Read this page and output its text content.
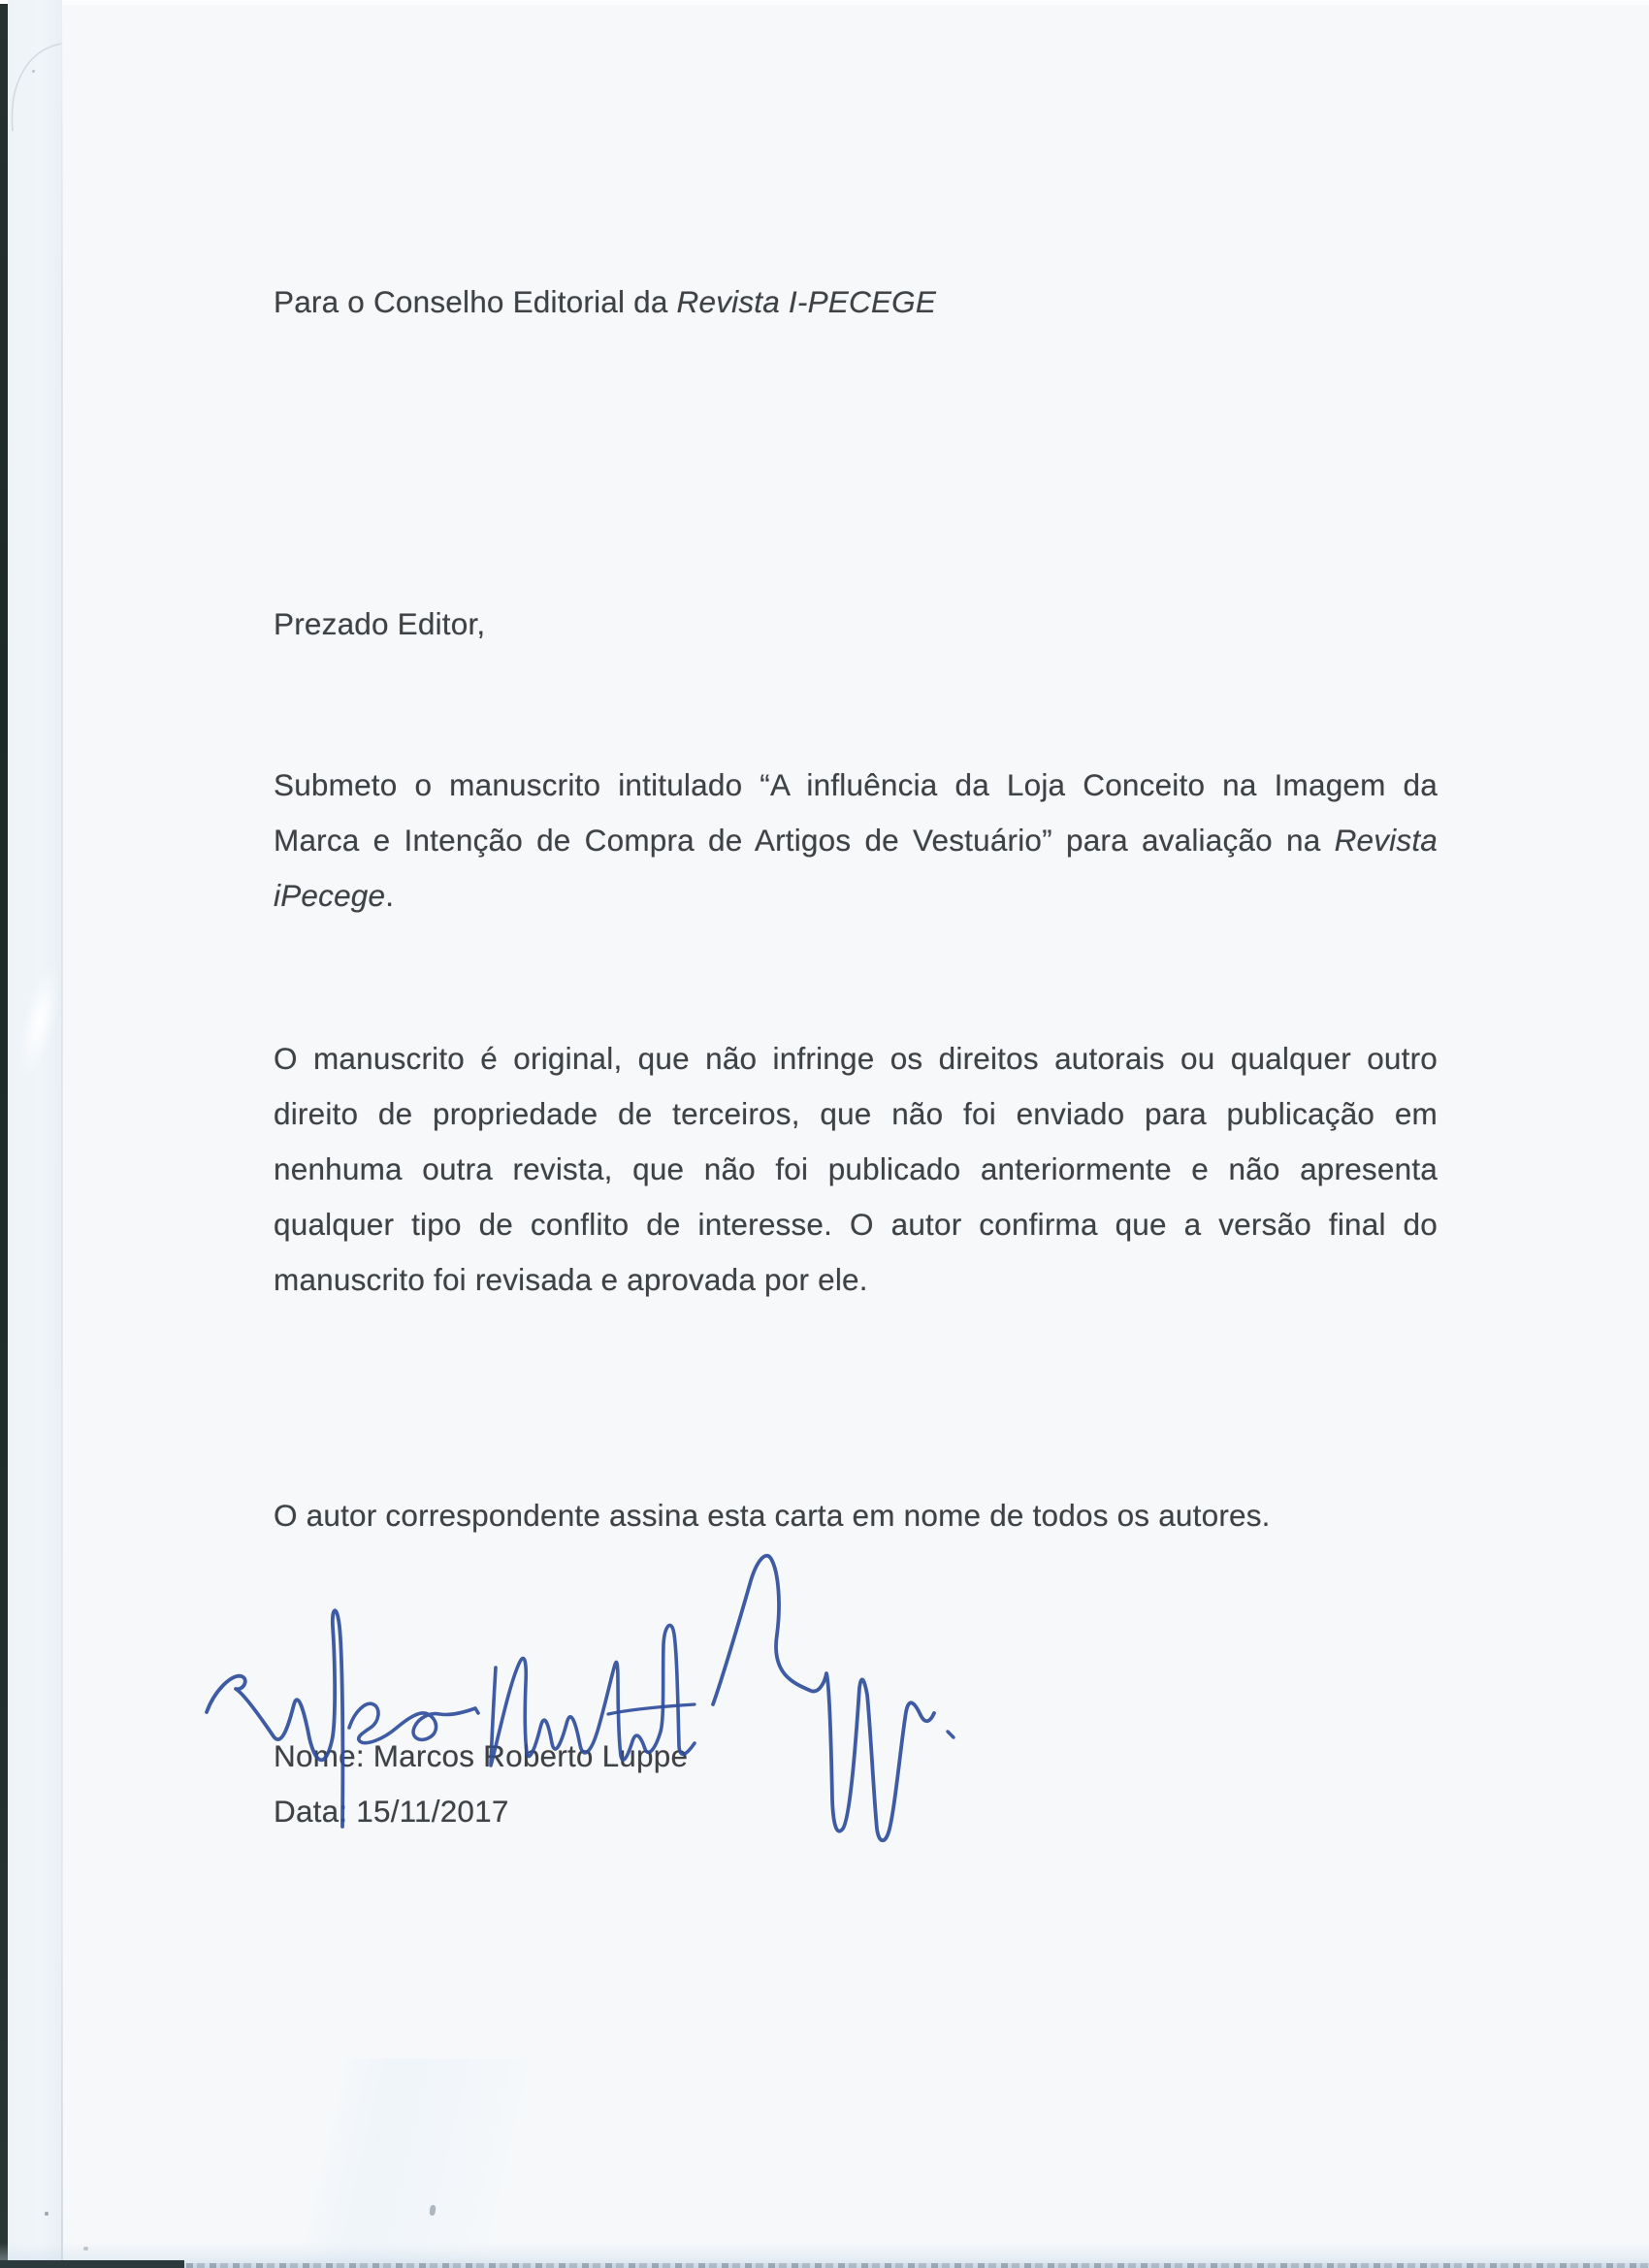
Para o Conselho Editorial da Revista I-PECEGE
Prezado Editor,
Submeto o manuscrito intitulado “A influência da Loja Conceito na Imagem da
Marca e Intenção de Compra de Artigos de Vestuário” para avaliação na Revista
iPecege.
O manuscrito é original, que não infringe os direitos autorais ou qualquer outro
direito de propriedade de terceiros, que não foi enviado para publicação em
nenhuma outra revista, que não foi publicado anteriormente e não apresenta
qualquer tipo de conflito de interesse. O autor confirma que a versão final do
manuscrito foi revisada e aprovada por ele.
O autor correspondente assina esta carta em nome de todos os autores.
Nome: Marcos Roberto Luppe
Data: 15/11/2017
